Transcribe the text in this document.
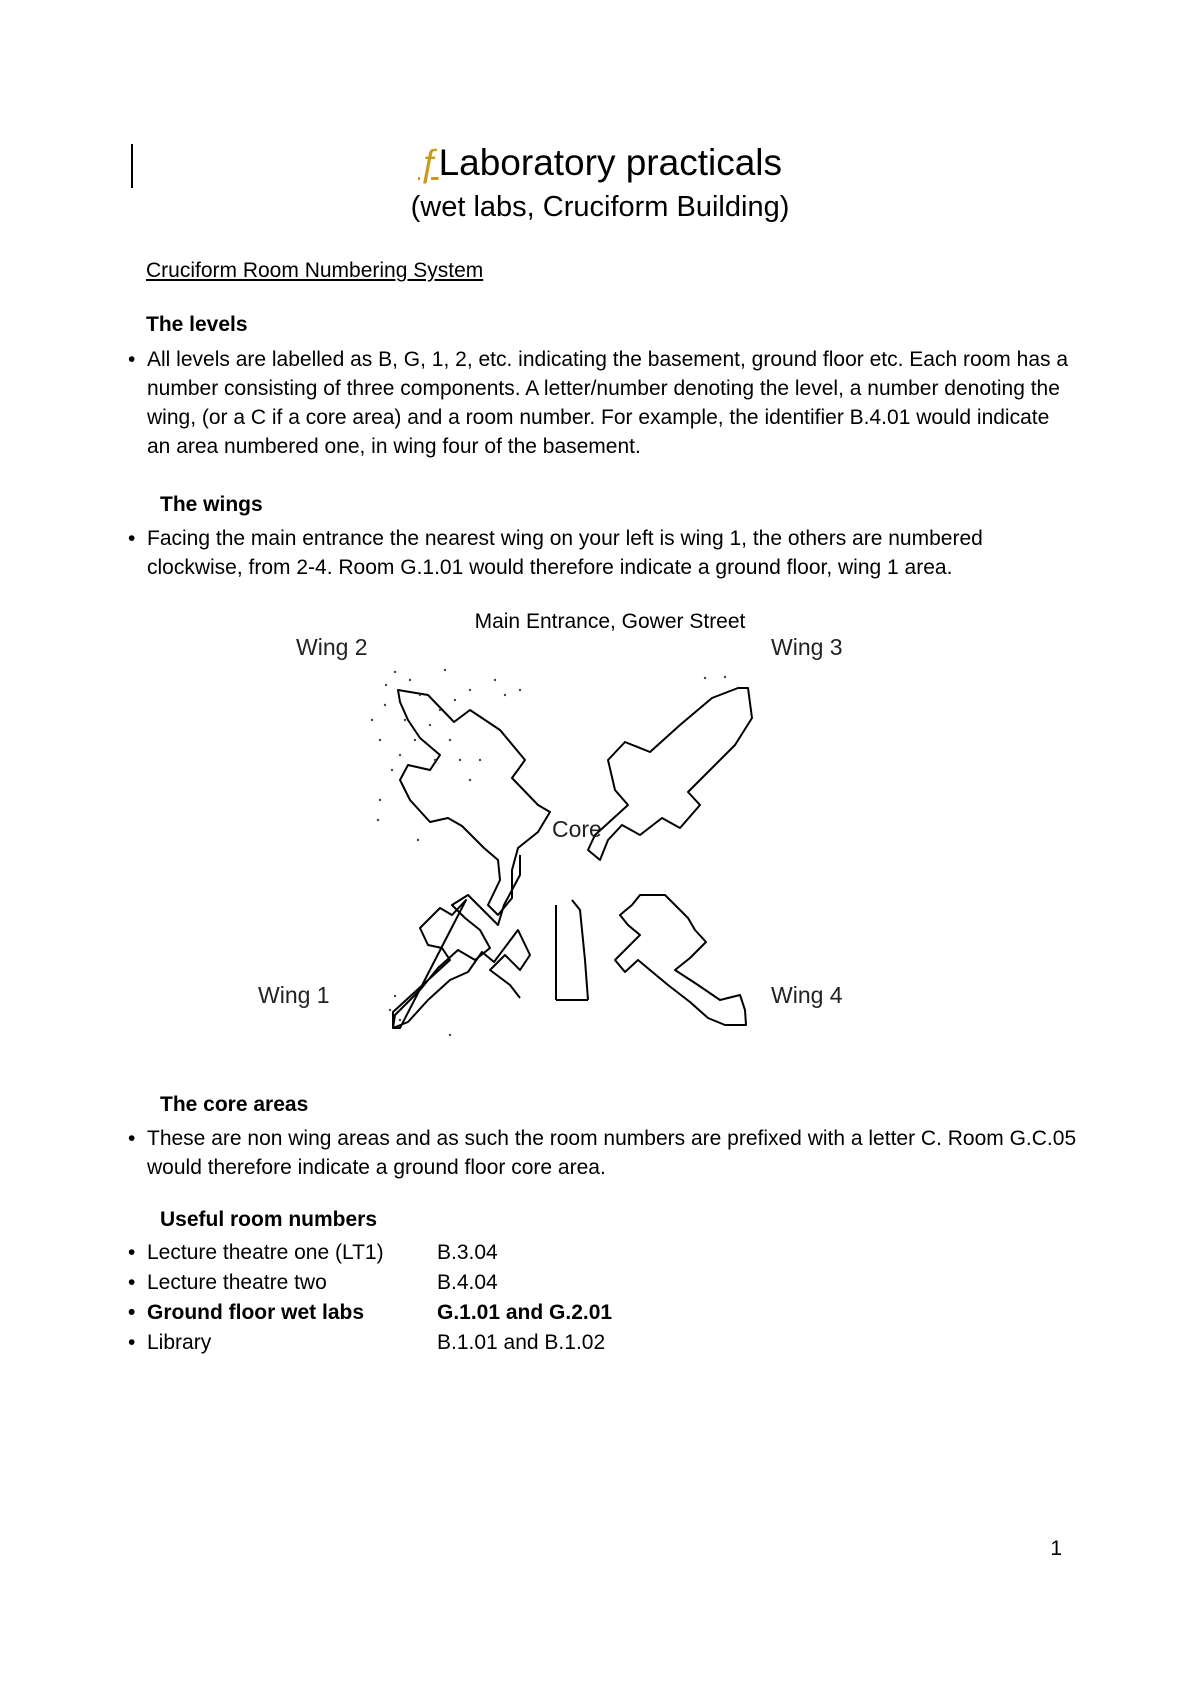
ƒLaboratory practicals
(wet labs, Cruciform Building)
Cruciform Room Numbering System
The levels
• All levels are labelled as B, G, 1, 2, etc. indicating the basement, ground floor etc. Each room has a number consisting of three components. A letter/number denoting the level, a number denoting the wing, (or a C if a core area) and a room number. For example, the identifier B.4.01 would indicate an area numbered one, in wing four of the basement.
The wings
• Facing the main entrance the nearest wing on your left is wing 1, the others are numbered clockwise, from 2-4. Room G.1.01 would therefore indicate a ground floor, wing 1 area.
Main Entrance, Gower Street
Wing 2	Wing 3
Wing 1	Wing 4
Core
The core areas
• These are non wing areas and as such the room numbers are prefixed with a letter C. Room G.C.05 would therefore indicate a ground floor core area.
Useful room numbers
• Lecture theatre one (LT1)	B.3.04
• Lecture theatre two	B.4.04
• Ground floor wet labs	G.1.01 and G.2.01
• Library	B.1.01 and B.1.02
1
